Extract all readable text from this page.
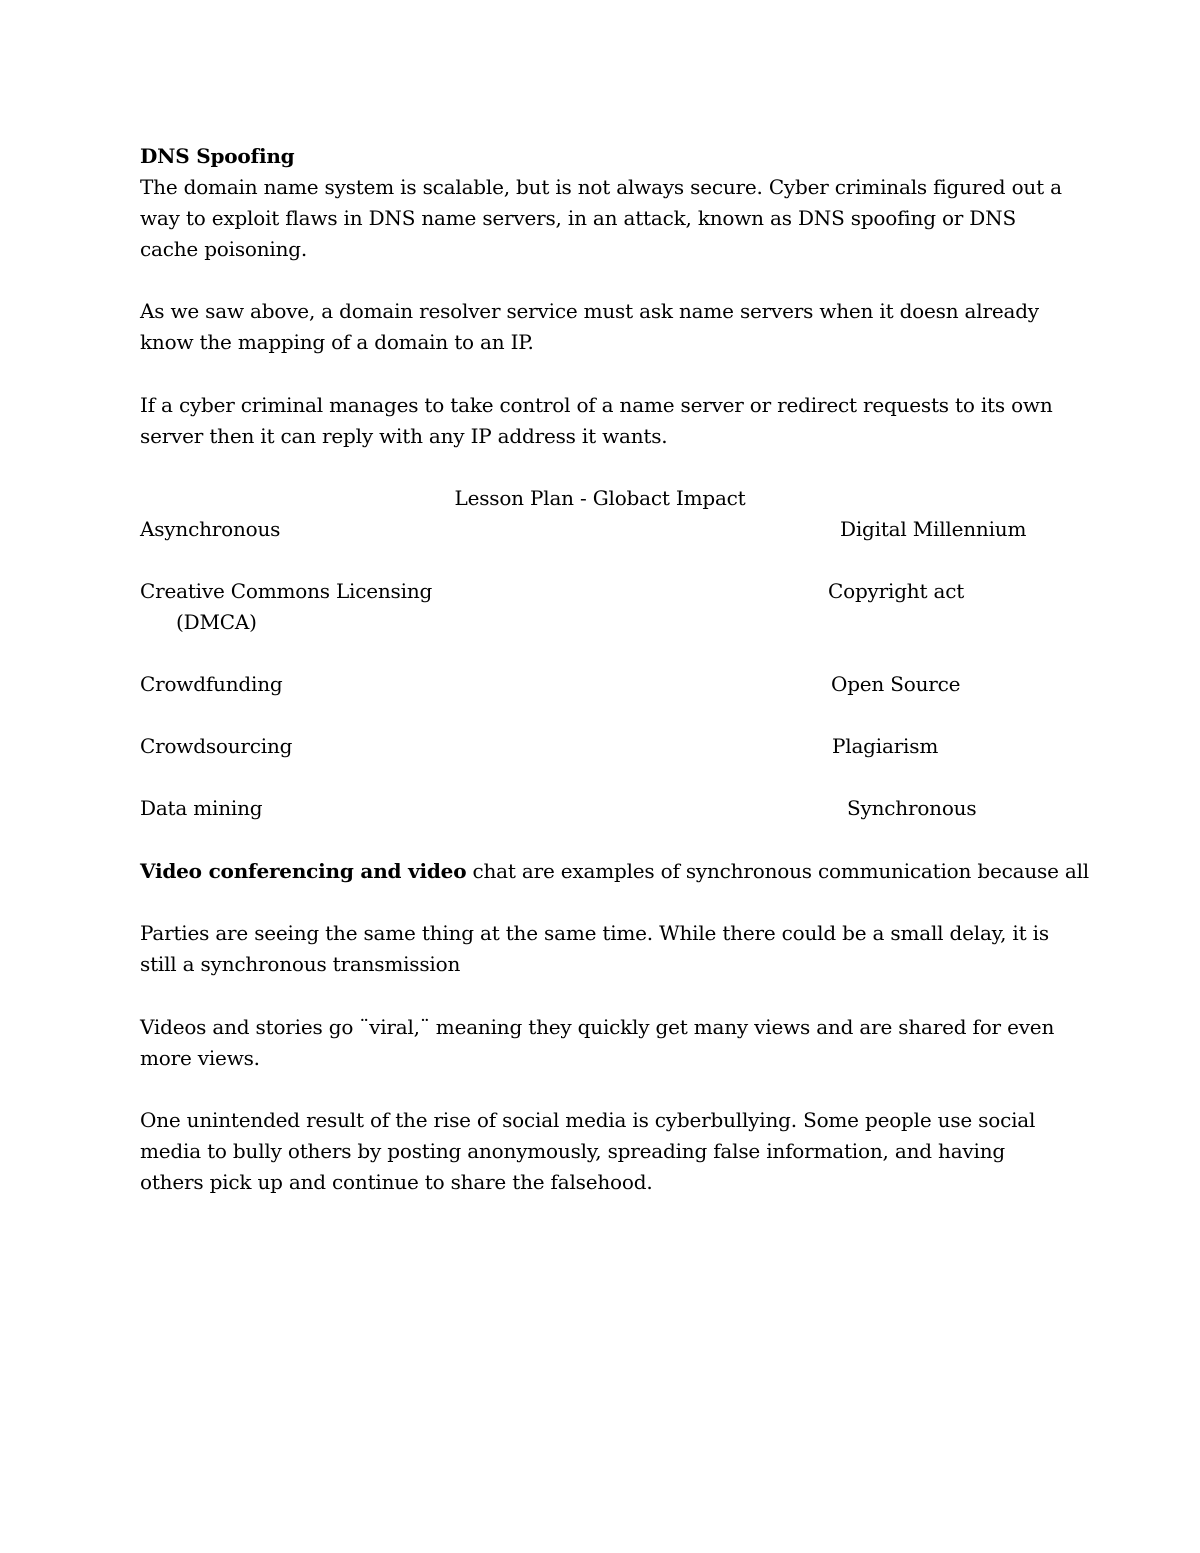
DNS Spoofing

The domain name system is scalable, but is not always secure. Cyber criminals figured out a way to exploit flaws in DNS name servers, in an attack, known as DNS spoofing or DNS cache poisoning.

As we saw above, a domain resolver service must ask name servers when it doesn already know the mapping of a domain to an IP.

If a cyber criminal manages to take control of a name server or redirect requests to its own server then it can reply with any IP address it wants.

Lesson Plan - Globact Impact
Asynchronous
Creative Commons Licensing
(DMCA)
Crowdfunding
Crowdsourcing
Data mining
Digital Millennium
Copyright act
Open Source
Plagiarism
Synchronous
Video conferencing and video chat are examples of synchronous communication because all

Parties are seeing the same thing at the same time. While there could be a small delay, it is still a synchronous transmission

Videos and stories go ¨viral,¨ meaning they quickly get many views and are shared for even more views.

One unintended result of the rise of social media is cyberbullying. Some people use social media to bully others by posting anonymously, spreading false information, and having others pick up and continue to share the falsehood.
